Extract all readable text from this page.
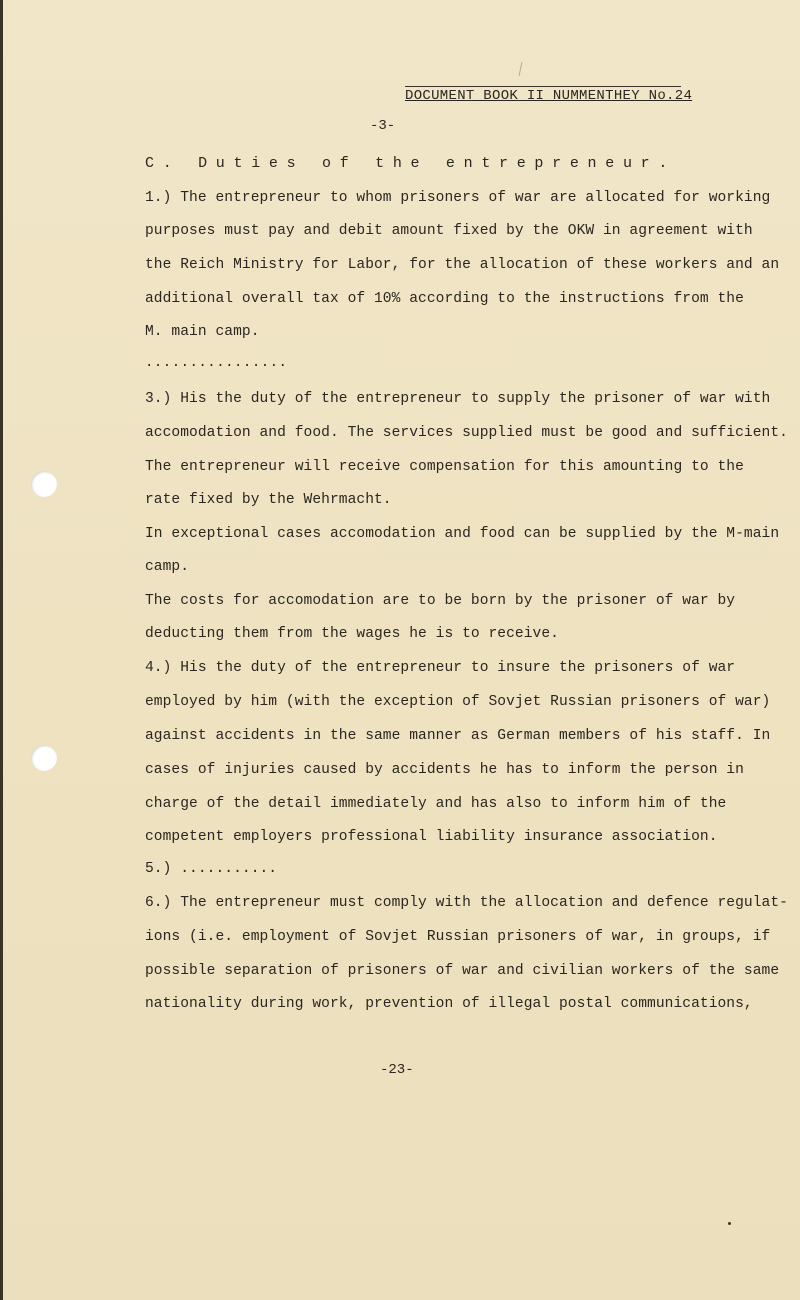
DOCUMENT BOOK II NUMMENTHEY No.24
-3-
C. Duties of the entrepreneur.
1.) The entrepreneur to whom prisoners of war are allocated for working
purposes must pay and debit amount fixed by the OKW in agreement with
the Reich Ministry for Labor, for the allocation of these workers and an
additional overall tax of 10% according to the instructions from the
M. main camp.
................
3.) His the duty of the entrepreneur to supply the prisoner of war with
accomodation and food. The services supplied must be good and sufficient.
The entrepreneur will receive compensation for this amounting to the
rate fixed by the Wehrmacht.
In exceptional cases accomodation and food can be supplied by the M-main
camp.
The costs for accomodation are to be born by the prisoner of war by
deducting them from the wages he is to receive.
4.) His the duty of the entrepreneur to insure the prisoners of war
employed by him (with the exception of Sovjet Russian prisoners of war)
against accidents in the same manner as German members of his staff. In
cases of injuries caused by accidents he has to inform the person in
charge of the detail immediately and has also to inform him of the
competent employers professional liability insurance association.
5.) ...........
6.) The entrepreneur must comply with the allocation and defence regulat-
ions (i.e. employment of Sovjet Russian prisoners of war, in groups, if
possible separation of prisoners of war and civilian workers of the same
nationality during work, prevention of illegal postal communications,
-23-
